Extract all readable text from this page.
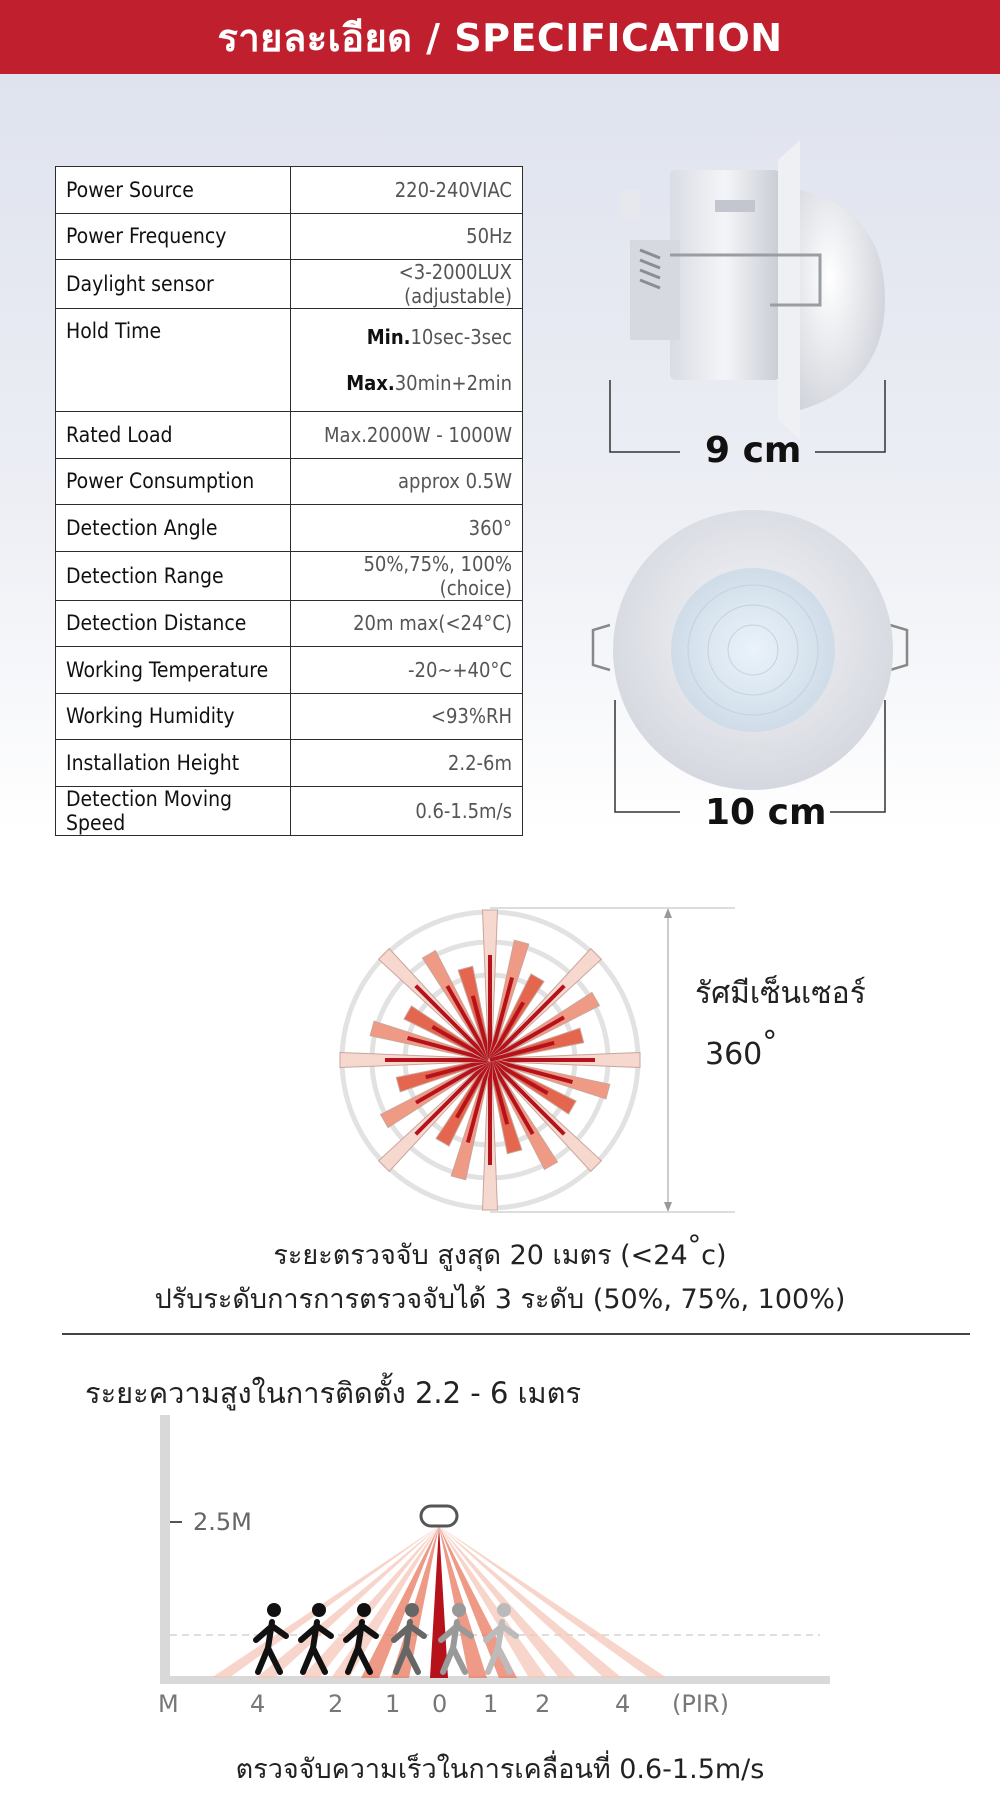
รายละเอียด / SPECIFICATION
Power Source	220-240VIAC
Power Frequency	50Hz
Daylight sensor	<3-2000LUX (adjustable)
Hold Time	Min.10sec-3sec
Max.30min+2min

Rated Load	Max.2000W - 1000W
Power Consumption	approx 0.5W
Detection Angle	360°
Detection Range	50%,75%, 100% (choice)
Detection Distance	20m max(<24°C)
Working Temperature	-20~+40°C
Working Humidity	<93%RH
Installation Height	2.2-6m
Detection Moving Speed	0.6-1.5m/s
9 cm
10 cm
รัศมีเซ็นเซอร์
360°
ระยะตรวจจับ สูงสุด 20 เมตร (<24°c)
ปรับระดับการการตรวจจับได้ 3 ระดับ (50%, 75%, 100%)
ระยะความสูงในการติดตั้ง 2.2 - 6 เมตร
2.5M
M	4	2 1 0 1 2	4 (PIR)
ตรวจจับความเร็วในการเคลื่อนที่ 0.6-1.5m/s
